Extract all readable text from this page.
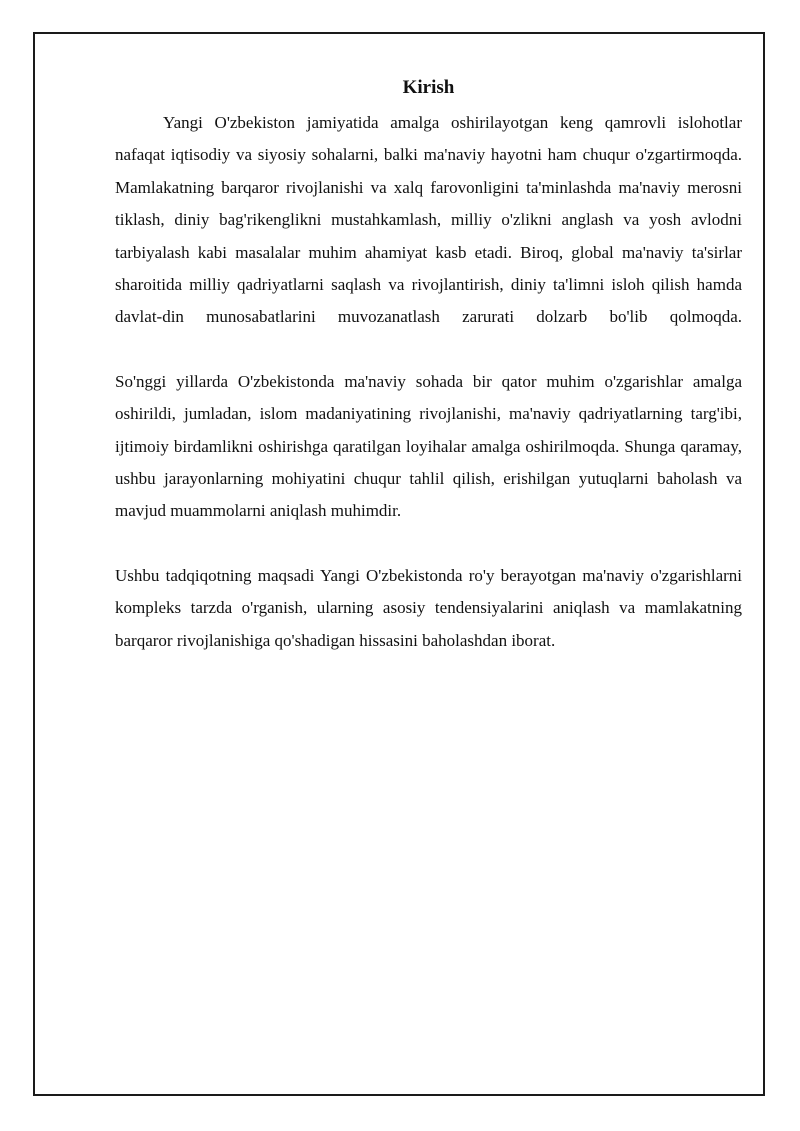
Kirish

Yangi O'zbekiston jamiyatida amalga oshirilayotgan keng qamrovli islohotlar nafaqat iqtisodiy va siyosiy sohalarni, balki ma'naviy hayotni ham chuqur o'zgartirmoqda. Mamlakatning barqaror rivojlanishi va xalq farovonligini ta'minlashda ma'naviy merosni tiklash, diniy bag'rikenglikni mustahkamlash, milliy o'zlikni anglash va yosh avlodni tarbiyalash kabi masalalar muhim ahamiyat kasb etadi. Biroq, global ma'naviy ta'sirlar sharoitida milliy qadriyatlarni saqlash va rivojlantirish, diniy ta'limni isloh qilish hamda davlat-din munosabatlarini muvozanatlash zarurati dolzarb bo'lib qolmoqda.

So'nggi yillarda O'zbekistonda ma'naviy sohada bir qator muhim o'zgarishlar amalga oshirildi, jumladan, islom madaniyatining rivojlanishi, ma'naviy qadriyatlarning targ'ibi, ijtimoiy birdamlikni oshirishga qaratilgan loyihalar amalga oshirilmoqda. Shunga qaramay, ushbu jarayonlarning mohiyatini chuqur tahlil qilish, erishilgan yutuqlarni baholash va mavjud muammolarni aniqlash muhimdir.

Ushbu tadqiqotning maqsadi Yangi O'zbekistonda ro'y berayotgan ma'naviy o'zgarishlarni kompleks tarzda o'rganish, ularning asosiy tendensiyalarini aniqlash va mamlakatning barqaror rivojlanishiga qo'shadigan hissasini baholashdan iborat.
